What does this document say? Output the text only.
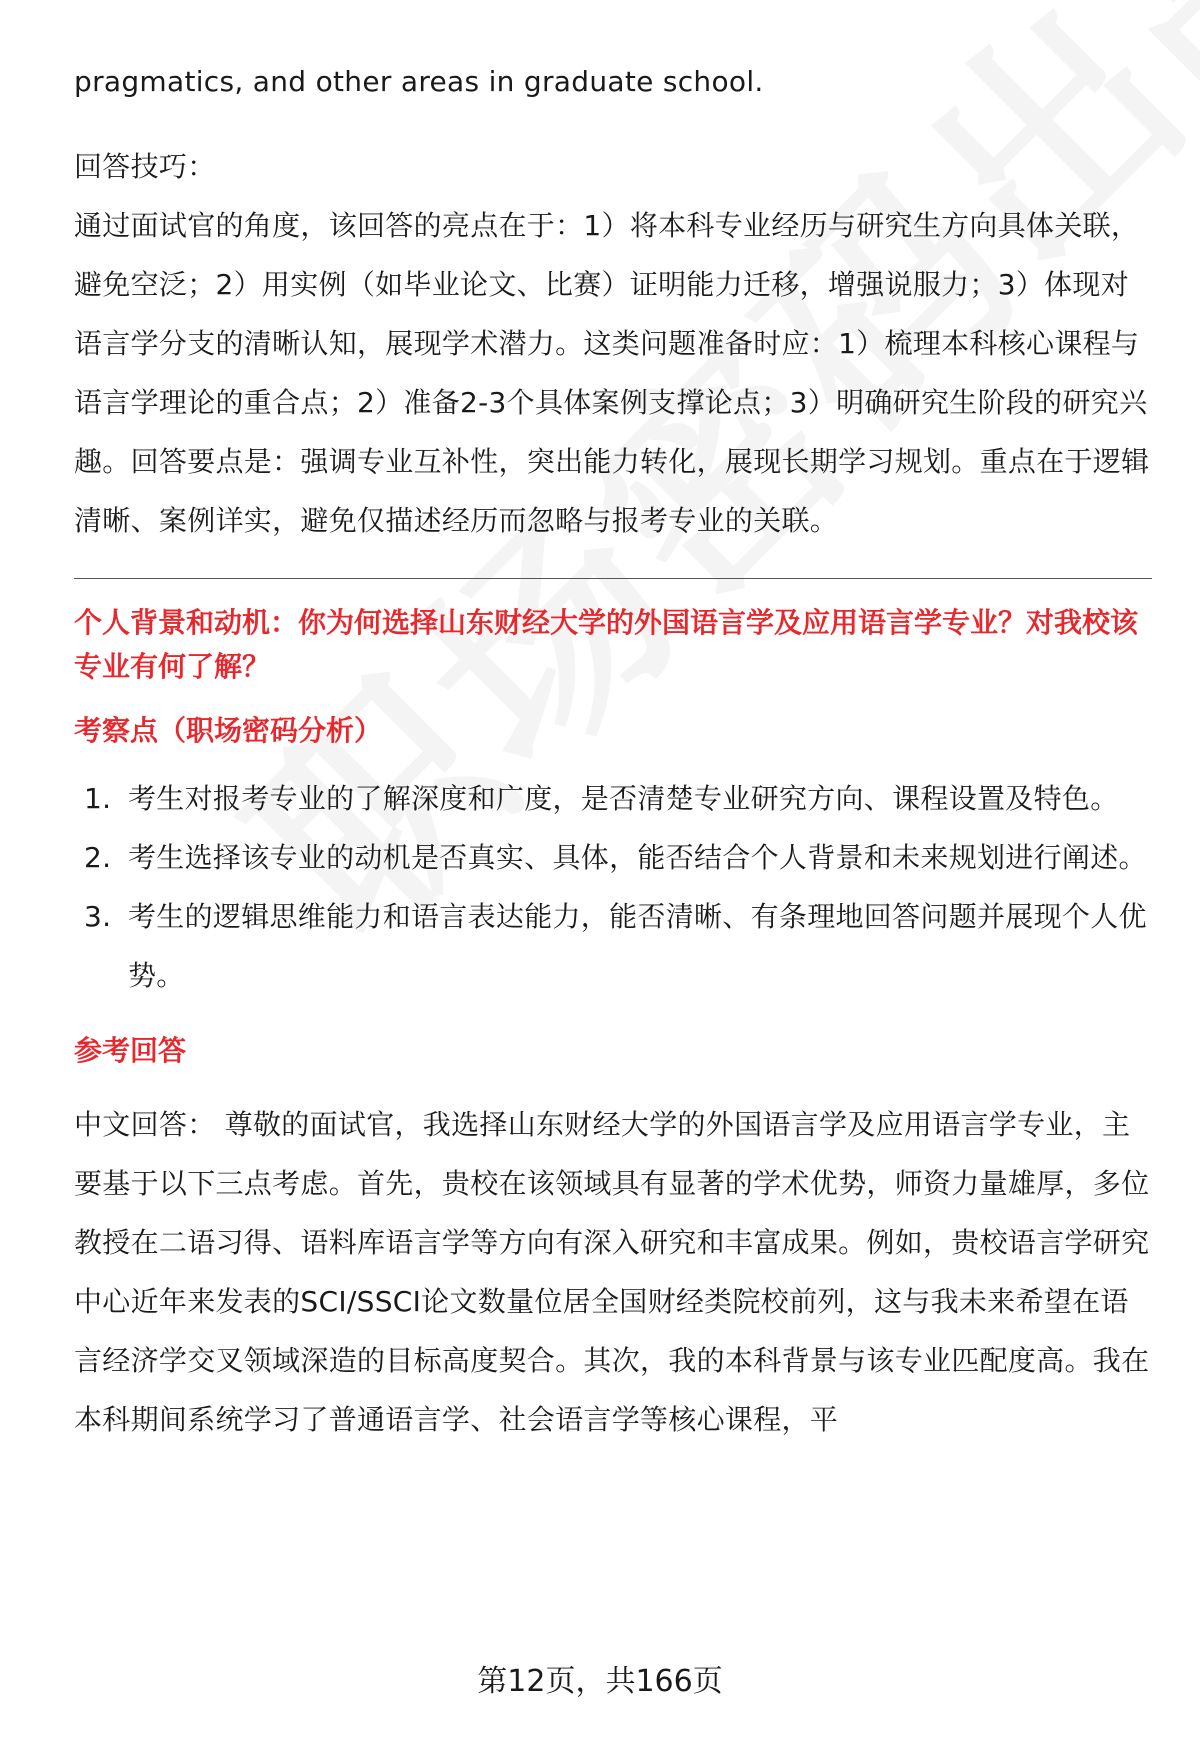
pragmatics, and other areas in graduate school.

回答技巧：

通过面试官的角度，该回答的亮点在于：1）将本科专业经历与研究生方向具体关联，避免空泛；2）用实例（如毕业论文、比赛）证明能力迁移，增强说服力；3）体现对语言学分支的清晰认知，展现学术潜力。这类问题准备时应：1）梳理本科核心课程与语言学理论的重合点；2）准备2-3个具体案例支撑论点；3）明确研究生阶段的研究兴趣。回答要点是：强调专业互补性，突出能力转化，展现长期学习规划。重点在于逻辑清晰、案例详实，避免仅描述经历而忽略与报考专业的关联。

个人背景和动机：你为何选择山东财经大学的外国语言学及应用语言学专业？对我校该专业有何了解？
考察点（职场密码分析）
1. 考生对报考专业的了解深度和广度，是否清楚专业研究方向、课程设置及特色。
2. 考生选择该专业的动机是否真实、具体，能否结合个人背景和未来规划进行阐述。
3. 考生的逻辑思维能力和语言表达能力，能否清晰、有条理地回答问题并展现个人优势。
参考回答

中文回答： 尊敬的面试官，我选择山东财经大学的外国语言学及应用语言学专业，主要基于以下三点考虑。首先，贵校在该领域具有显著的学术优势，师资力量雄厚，多位教授在二语习得、语料库语言学等方向有深入研究和丰富成果。例如，贵校语言学研究中心近年来发表的SCI/SSCI论文数量位居全国财经类院校前列，这与我未来希望在语言经济学交叉领域深造的目标高度契合。其次，我的本科背景与该专业匹配度高。我在本科期间系统学习了普通语言学、社会语言学等核心课程，平

第12页，共166页
